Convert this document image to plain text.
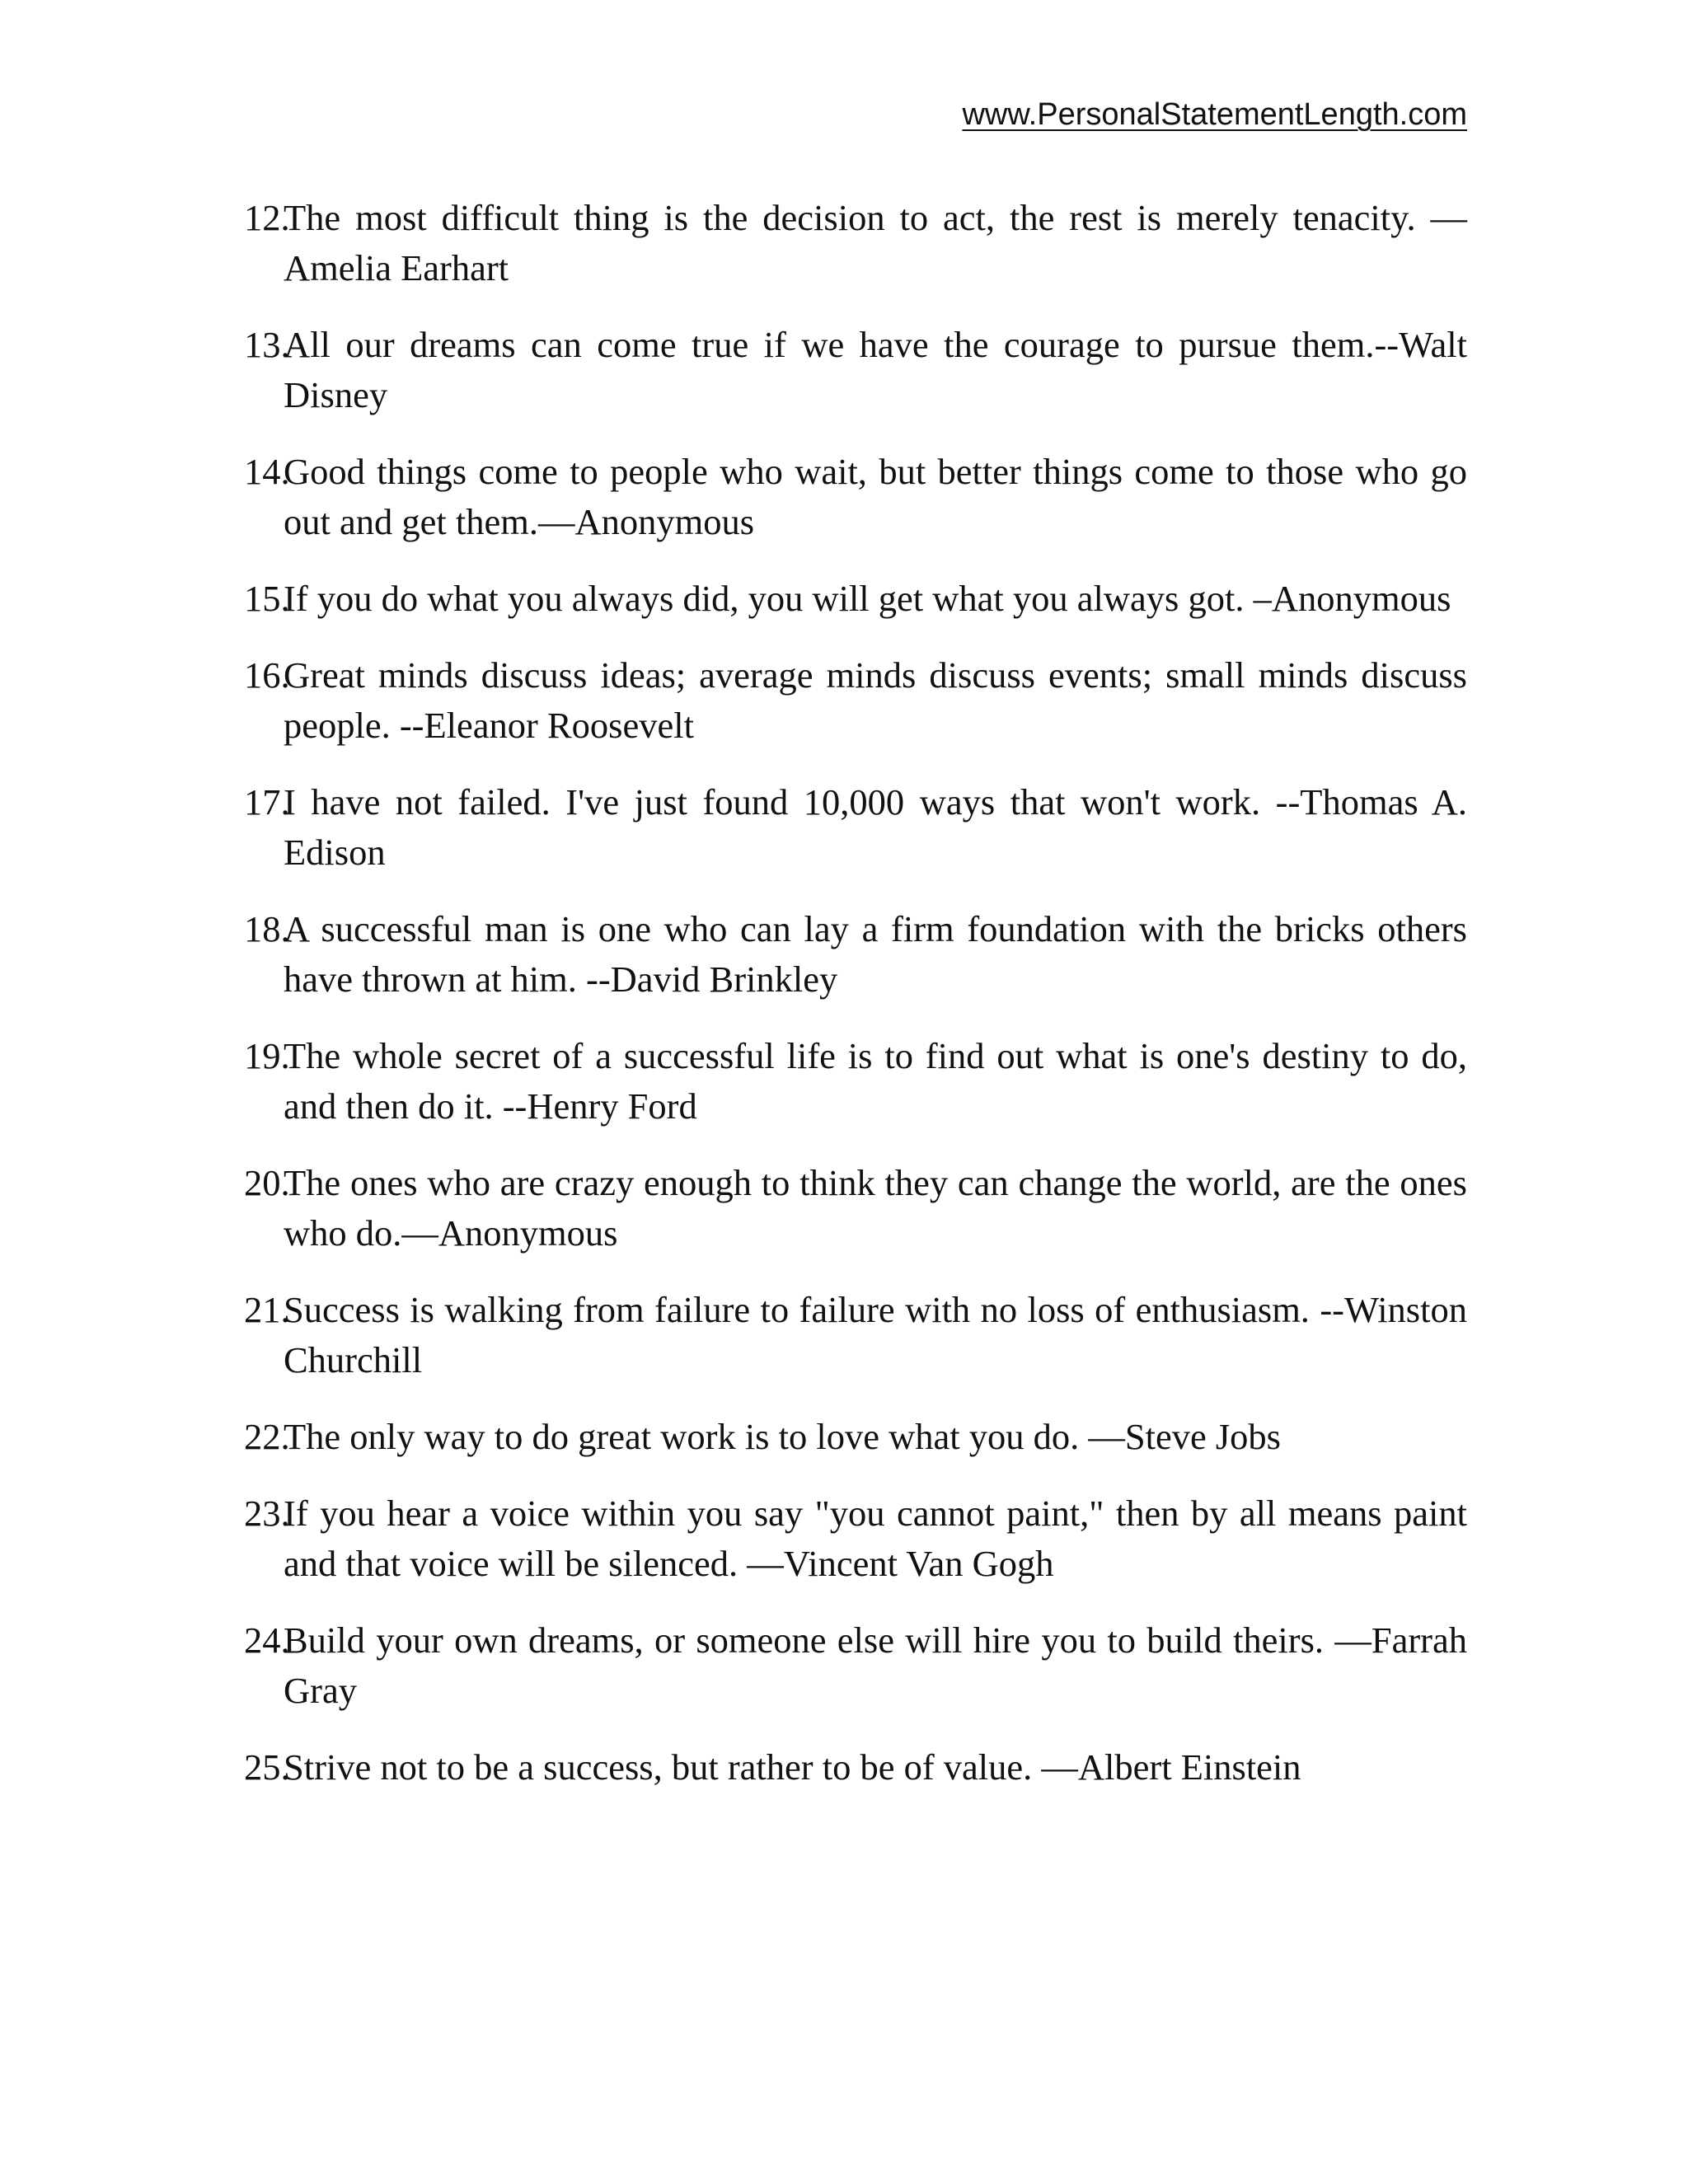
www.PersonalStatementLength.com
12.
The most difficult thing is the decision to act, the rest is merely tenacity. —Amelia Earhart
13.
All our dreams can come true if we have the courage to pursue them.--Walt Disney
14.
Good things come to people who wait, but better things come to those who go out and get them.—Anonymous
15.
If you do what you always did, you will get what you always got. –Anonymous
16.
Great minds discuss ideas; average minds discuss events; small minds discuss people. --Eleanor Roosevelt
17.
I have not failed. I've just found 10,000 ways that won't work. --Thomas A. Edison
18.
A successful man is one who can lay a firm foundation with the bricks others have thrown at him. --David Brinkley
19.
The whole secret of a successful life is to find out what is one's destiny to do, and then do it. --Henry Ford
20.
The ones who are crazy enough to think they can change the world, are the ones who do.—Anonymous
21.
Success is walking from failure to failure with no loss of enthusiasm. --Winston Churchill
22.
The only way to do great work is to love what you do. —Steve Jobs
23.
If you hear a voice within you say "you cannot paint," then by all means paint and that voice will be silenced. —Vincent Van Gogh
24.
Build your own dreams, or someone else will hire you to build theirs. —Farrah Gray
25.
Strive not to be a success, but rather to be of value. —Albert Einstein
